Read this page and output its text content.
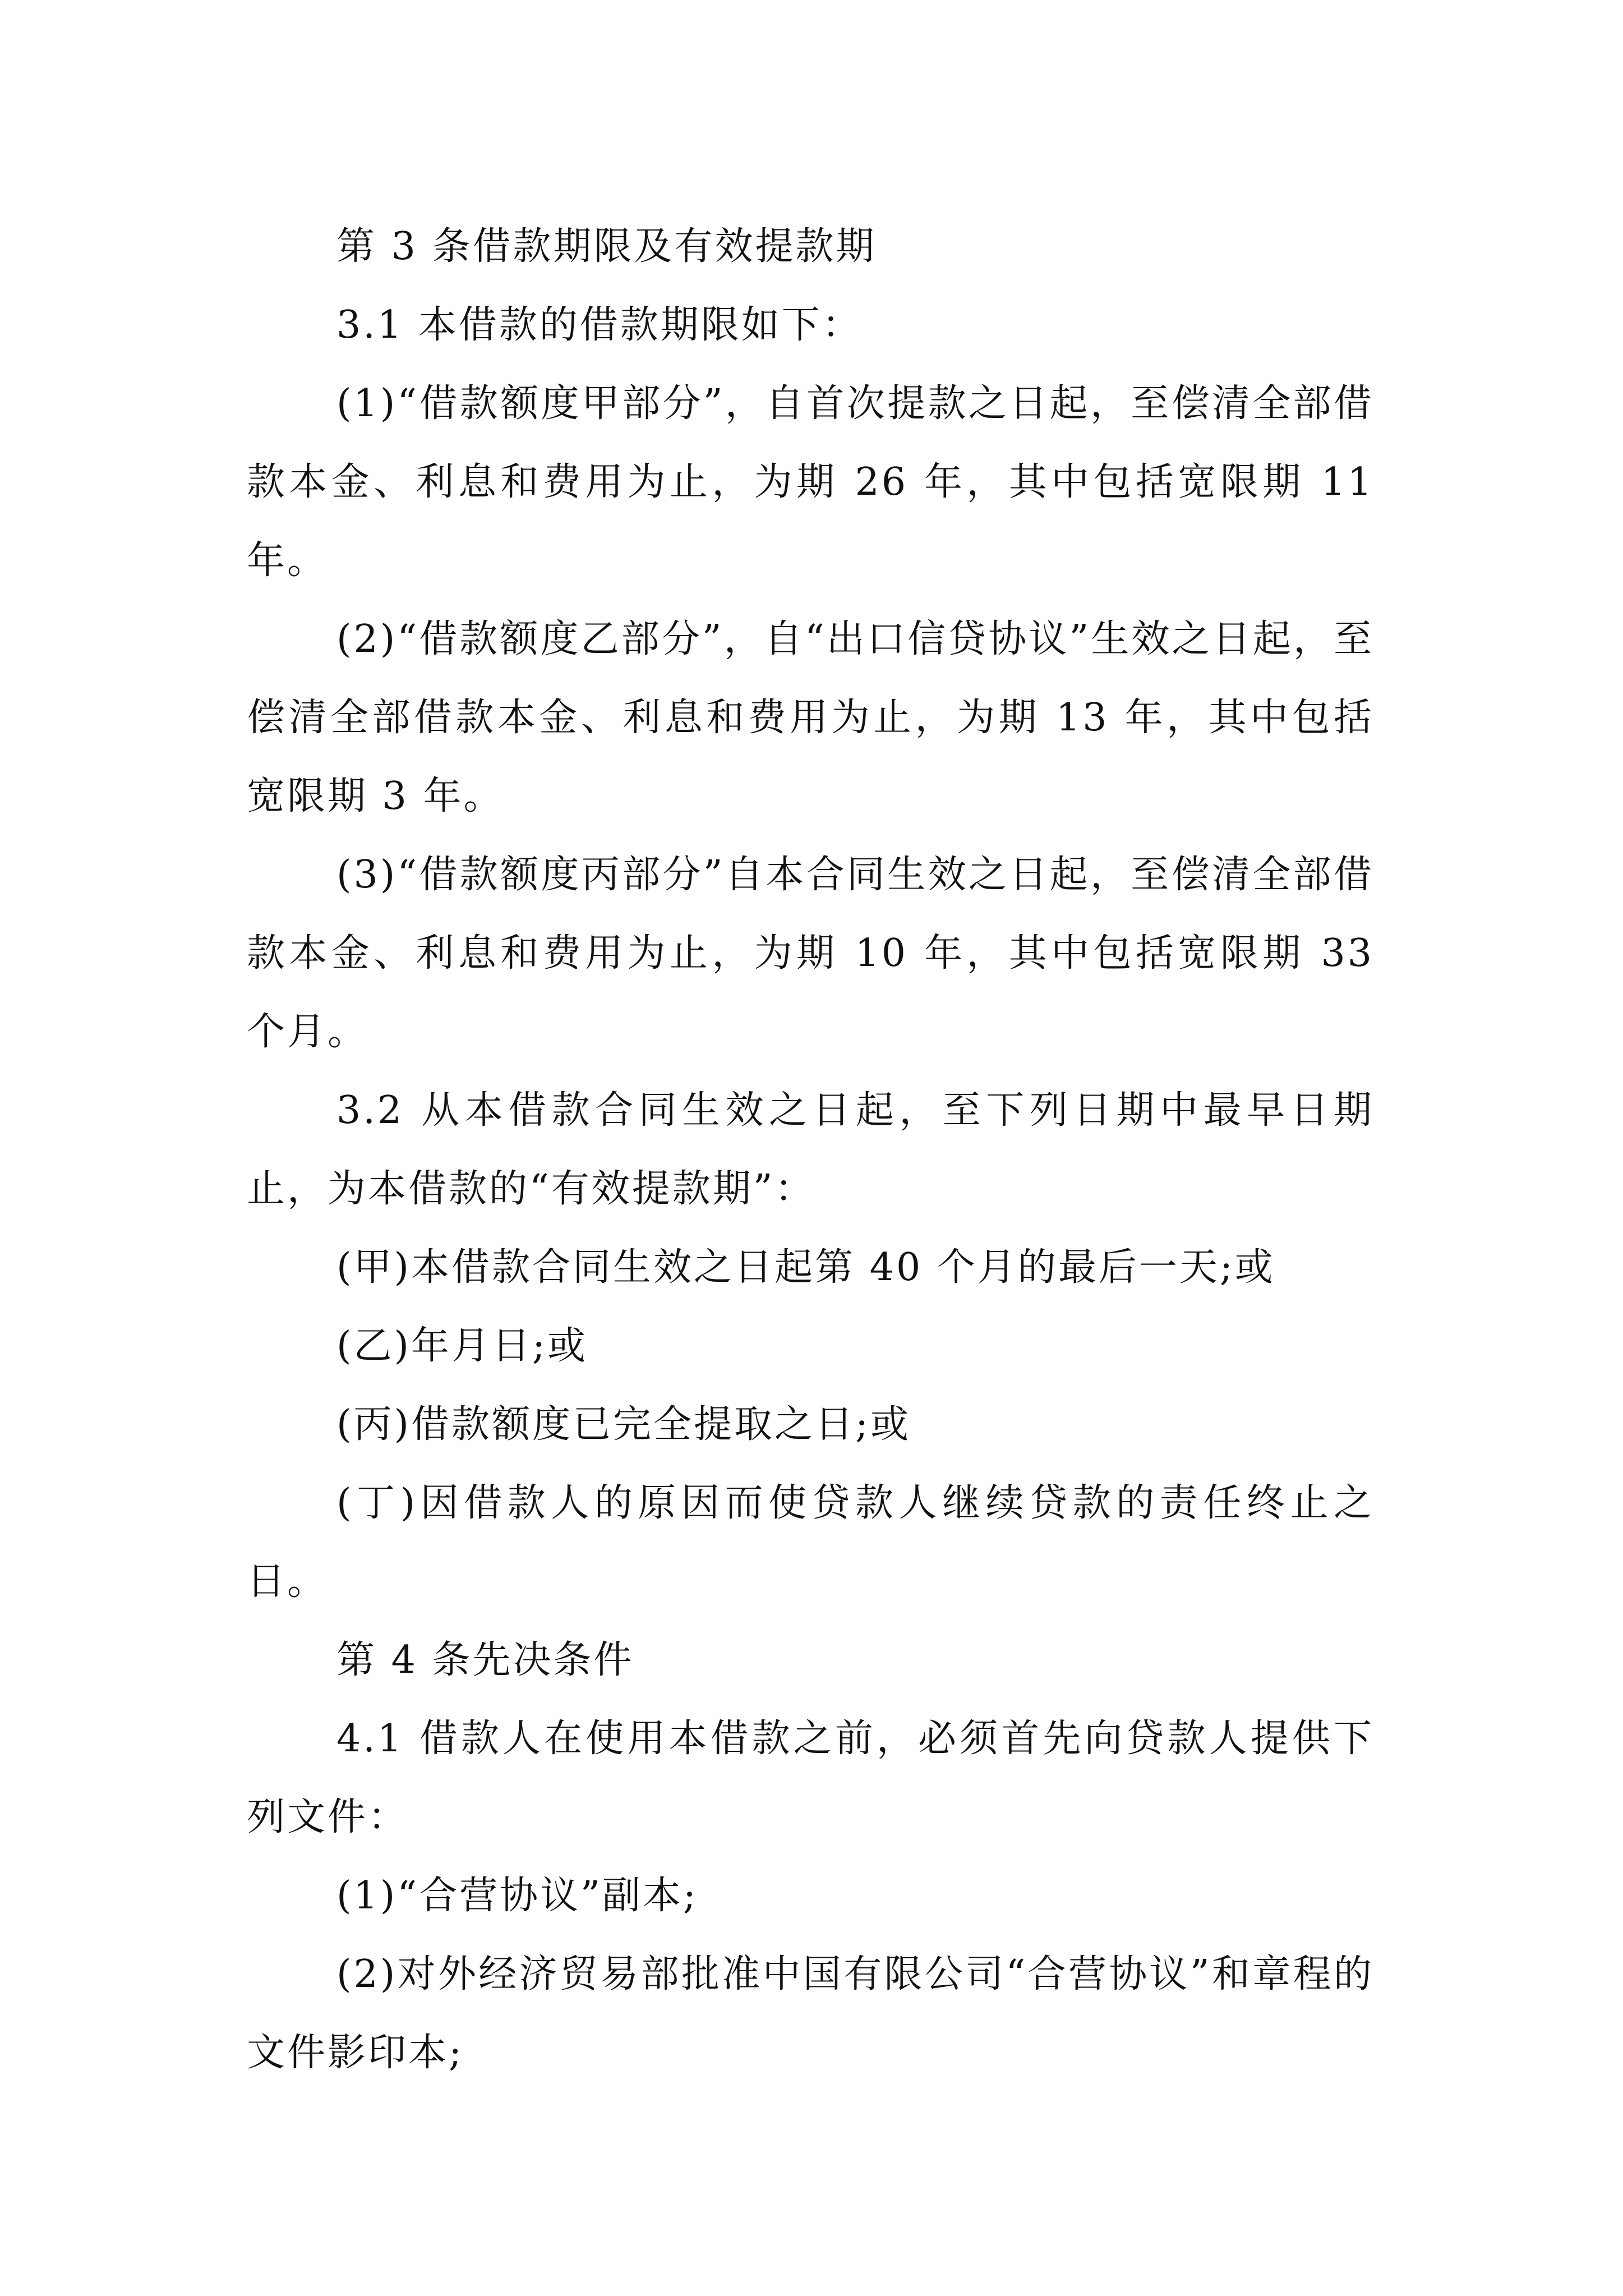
第 3 条借款期限及有效提款期

3.1 本借款的借款期限如下：

(1)“借款额度甲部分”，自首次提款之日起，至偿清全部借款本金、利息和费用为止，为期 26 年，其中包括宽限期 11 年。

(2)“借款额度乙部分”，自“出口信贷协议”生效之日起，至偿清全部借款本金、利息和费用为止，为期 13 年，其中包括宽限期 3 年。

(3)“借款额度丙部分”自本合同生效之日起，至偿清全部借款本金、利息和费用为止，为期 10 年，其中包括宽限期 33 个月。

3.2 从本借款合同生效之日起，至下列日期中最早日期止，为本借款的“有效提款期”：

(甲)本借款合同生效之日起第 40 个月的最后一天;或

(乙)年月日;或

(丙)借款额度已完全提取之日;或

(丁)因借款人的原因而使贷款人继续贷款的责任终止之日。

第 4 条先决条件

4.1 借款人在使用本借款之前，必须首先向贷款人提供下列文件：

(1)“合营协议”副本;

(2)对外经济贸易部批准中国有限公司“合营协议”和章程的文件影印本;
